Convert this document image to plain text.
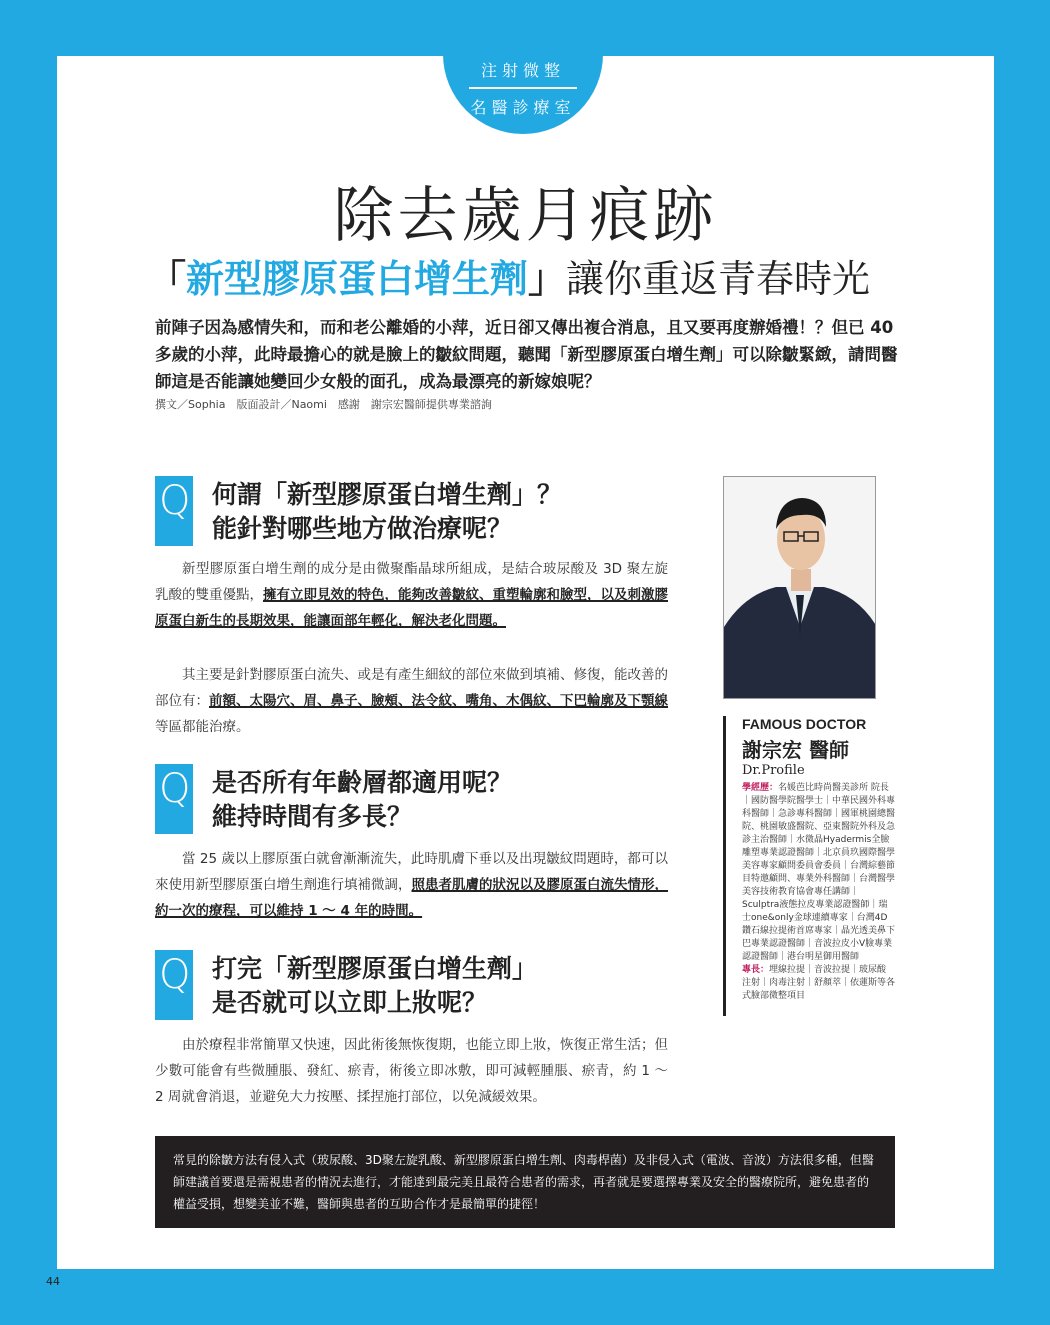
注射微整
名醫診療室
除去歲月痕跡
「新型膠原蛋白增生劑」讓你重返青春時光
前陣子因為感情失和，而和老公離婚的小萍，近日卻又傳出複合消息，且又要再度辦婚禮！？但已 40 多歲的小萍，此時最擔心的就是臉上的皺紋問題，聽聞「新型膠原蛋白增生劑」可以除皺緊緻，請問醫師這是否能讓她變回少女般的面孔，成為最漂亮的新嫁娘呢？
撰文／Sophia　版面設計／Naomi　感謝　謝宗宏醫師提供專業諮詢
Q 何謂「新型膠原蛋白增生劑」？
能針對哪些地方做治療呢？
新型膠原蛋白增生劑的成分是由微聚酯晶球所組成，是結合玻尿酸及 3D 聚左旋乳酸的雙重優點，擁有立即見效的特色，能夠改善皺紋、重塑輪廓和臉型，以及刺激膠原蛋白新生的長期效果，能讓面部年輕化，解決老化問題。
其主要是針對膠原蛋白流失、或是有產生細紋的部位來做到填補、修復，能改善的部位有：前額、太陽穴、眉、鼻子、臉頰、法令紋、嘴角、木偶紋、下巴輪廓及下顎線等區都能治療。
Q 是否所有年齡層都適用呢？
維持時間有多長？
當 25 歲以上膠原蛋白就會漸漸流失，此時肌膚下垂以及出現皺紋問題時，都可以來使用新型膠原蛋白增生劑進行填補微調，照患者肌膚的狀況以及膠原蛋白流失情形，約一次的療程，可以維持 1 ～ 4 年的時間。
Q 打完「新型膠原蛋白增生劑」
是否就可以立即上妝呢？
由於療程非常簡單又快速，因此術後無恢復期，也能立即上妝，恢復正常生活；但少數可能會有些微腫脹、發紅、瘀青，術後立即冰敷，即可減輕腫脹、瘀青，約 1 ～ 2 周就會消退，並避免大力按壓、揉捏施打部位，以免減緩效果。
FAMOUS DOCTOR
謝宗宏 醫師
Dr.Profile
學經歷：名媛芭比時尚醫美診所 院長｜國防醫學院醫學士｜中華民國外科專科醫師｜急診專科醫師｜國軍桃園總醫院、桃園敏盛醫院、亞東醫院外科及急診主治醫師｜水微晶Hyadermis全臉雕塑專業認證醫師｜北京員玖國際醫學美容專家顧問委員會委員｜台灣綜藝節目特邀顧問、專業外科醫師｜台灣醫學美容技術教育協會專任講師｜Sculptra液態拉皮專業認證醫師｜瑞士one&only金球連續專家｜台灣4D鑽石線拉提術首席專家｜晶光透美鼻下巴專業認證醫師｜音波拉皮小V臉專業認證醫師｜港台明星御用醫師
專長：埋線拉提｜音波拉提｜玻尿酸注射｜肉毒注射｜舒顏萃｜依蓮斯等各式臉部微整項目
常見的除皺方法有侵入式（玻尿酸、3D聚左旋乳酸、新型膠原蛋白增生劑、肉毒桿菌）及非侵入式（電波、音波）方法很多種，但醫師建議首要還是需視患者的情況去進行，才能達到最完美且最符合患者的需求，再者就是要選擇專業及安全的醫療院所，避免患者的權益受損，想變美並不難，醫師與患者的互助合作才是最簡單的捷徑！
44
